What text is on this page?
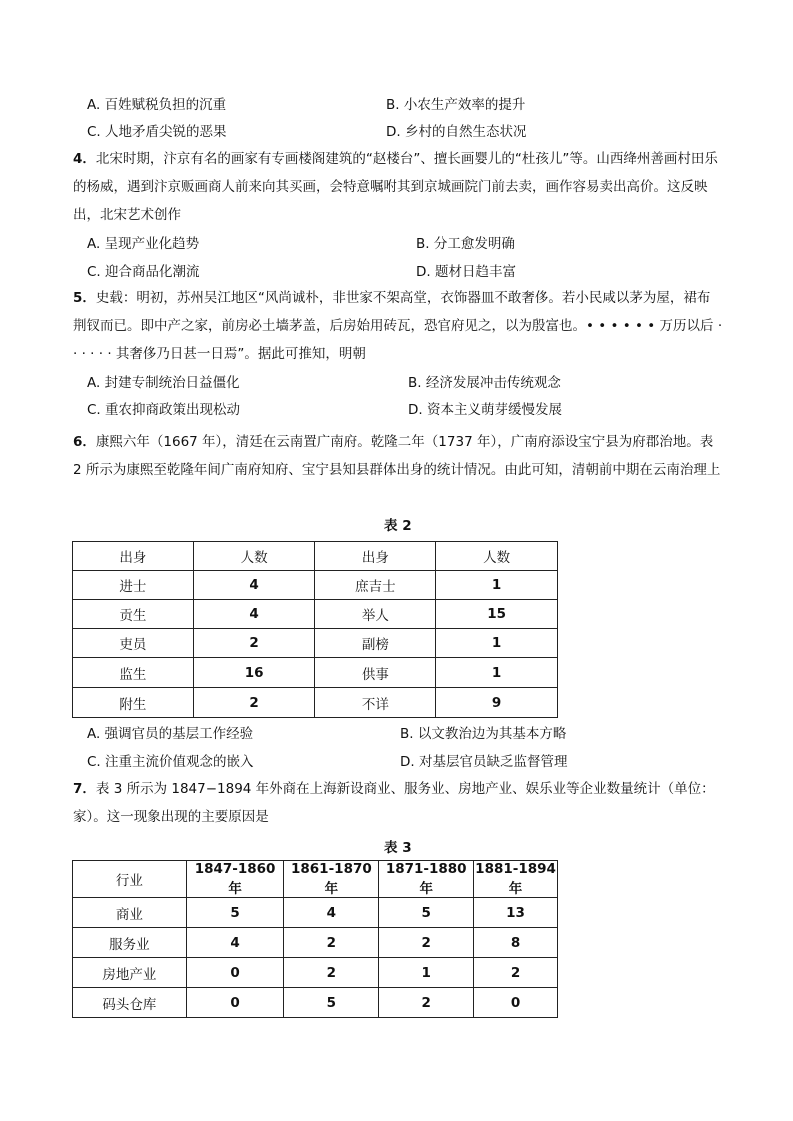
A. 百姓赋税负担的沉重	B. 小农生产效率的提升
C. 人地矛盾尖锐的恶果	D. 乡村的自然生态状况
4．北宋时期，汴京有名的画家有专画楼阁建筑的“赵楼台”、擅长画婴儿的“杜孩儿”等。山西绛州善画村田乐的杨威，遇到汴京贩画商人前来向其买画，会特意嘱咐其到京城画院门前去卖，画作容易卖出高价。这反映出，北宋艺术创作
A. 呈现产业化趋势	B. 分工愈发明确
C. 迎合商品化潮流	D. 题材日趋丰富
5．史载：明初，苏州吴江地区“风尚诚朴，非世家不架高堂，衣饰器皿不敢奢侈。若小民咸以茅为屋，裙布荆钗而已。即中产之家，前房必土墙茅盖，后房始用砖瓦，恐官府见之，以为殷富也。• • • • • • 万历以后 · · · · · · 其奢侈乃日甚一日焉”。据此可推知，明朝
A. 封建专制统治日益僵化	B. 经济发展冲击传统观念
C. 重农抑商政策出现松动	D. 资本主义萌芽缓慢发展
6．康熙六年（1667 年），清廷在云南置广南府。乾隆二年（1737 年），广南府添设宝宁县为府郡治地。表 2 所示为康熙至乾隆年间广南府知府、宝宁县知县群体出身的统计情况。由此可知，清朝前中期在云南治理上
表 2
出身	人数	出身	人数
进士	4	庶吉士	1
贡生	4	举人	15
吏员	2	副榜	1
监生	16	供事	1
附生	2	不详	9
A. 强调官员的基层工作经验	B. 以文教治边为其基本方略
C. 注重主流价值观念的嵌入	D. 对基层官员缺乏监督管理
7．表 3 所示为 1847−1894 年外商在上海新设商业、服务业、房地产业、娱乐业等企业数量统计（单位：家）。这一现象出现的主要原因是
表 3
行业	1847-1860 年	1861-1870 年	1871-1880 年	1881-1894 年
商业	5	4	5	13
服务业	4	2	2	8
房地产业	0	2	1	2
码头仓库	0	5	2	0
